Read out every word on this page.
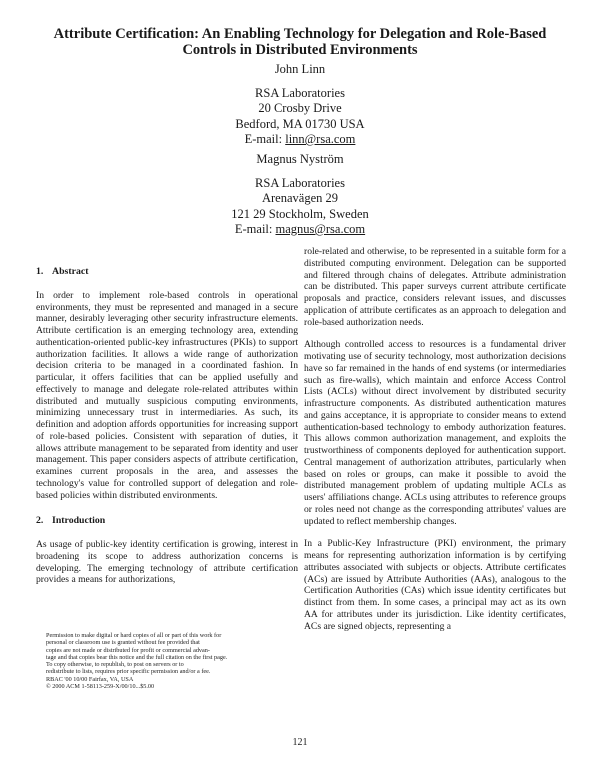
Attribute Certification: An Enabling Technology for Delegation and Role-Based
Controls in Distributed Environments
John Linn
RSA Laboratories
20 Crosby Drive
Bedford, MA 01730 USA
E-mail: linn@rsa.com
Magnus Nyström
RSA Laboratories
Arenavägen 29
121 29 Stockholm, Sweden
E-mail: magnus@rsa.com
1. Abstract

In order to implement role-based controls in operational environments, they must be represented and managed in a secure manner, desirably leveraging other security infrastructure elements. Attribute certification is an emerging technology area, extending authentication-oriented public-key infrastructures (PKIs) to support authorization facilities. It allows a wide range of authorization decision criteria to be managed in a coordinated fashion. In particular, it offers facilities that can be applied usefully and effectively to manage and delegate role-related attributes within distributed and mutually suspicious computing environments, minimizing unnecessary trust in intermediaries. As such, its definition and adoption affords opportunities for increasing support of role-based policies. Consistent with separation of duties, it allows attribute management to be separated from identity and user management. This paper considers aspects of attribute certification, examines current proposals in the area, and assesses the technology's value for controlled support of delegation and role-based policies within distributed environments.

2. Introduction

As usage of public-key identity certification is growing, interest in broadening its scope to address authorization concerns is developing. The emerging technology of attribute certification provides a means for authorizations,

Permission to make digital or hard copies of all or part of this work for
personal or classroom use is granted without fee provided that
copies are not made or distributed for profit or commercial advan-
tage and that copies bear this notice and the full citation on the first page.
To copy otherwise, to republish, to post on servers or to
redistribute to lists, requires prior specific permission and/or a fee.
RBAC '00 10/00 Fairfax, VA, USA
© 2000 ACM 1-58113-259-X/00/10...$5.00

role-related and otherwise, to be represented in a suitable form for a distributed computing environment. Delegation can be supported and filtered through chains of delegates. Attribute administration can be distributed. This paper surveys current attribute certificate proposals and practice, considers relevant issues, and discusses application of attribute certificates as an approach to delegation and role-based authorization needs.

Although controlled access to resources is a fundamental driver motivating use of security technology, most authorization decisions have so far remained in the hands of end systems (or intermediaries such as fire-walls), which maintain and enforce Access Control Lists (ACLs) without direct involvement by distributed security infrastructure components. As distributed authentication matures and gains acceptance, it is appropriate to consider means to extend authentication-based technology to embody authorization features. This allows common authorization management, and exploits the trustworthiness of components deployed for authentication support. Central management of authorization attributes, particularly when based on roles or groups, can make it possible to avoid the distributed management problem of updating multiple ACLs as users' affiliations change. ACLs using attributes to reference groups or roles need not change as the corresponding attributes' values are updated to reflect membership changes.

In a Public-Key Infrastructure (PKI) environment, the primary means for representing authorization information is by certifying attributes associated with subjects or objects. Attribute certificates (ACs) are issued by Attribute Authorities (AAs), analogous to the Certification Authorities (CAs) which issue identity certificates but distinct from them. In some cases, a principal may act as its own AA for attributes under its jurisdiction. Like identity certificates, ACs are signed objects, representing a

121
